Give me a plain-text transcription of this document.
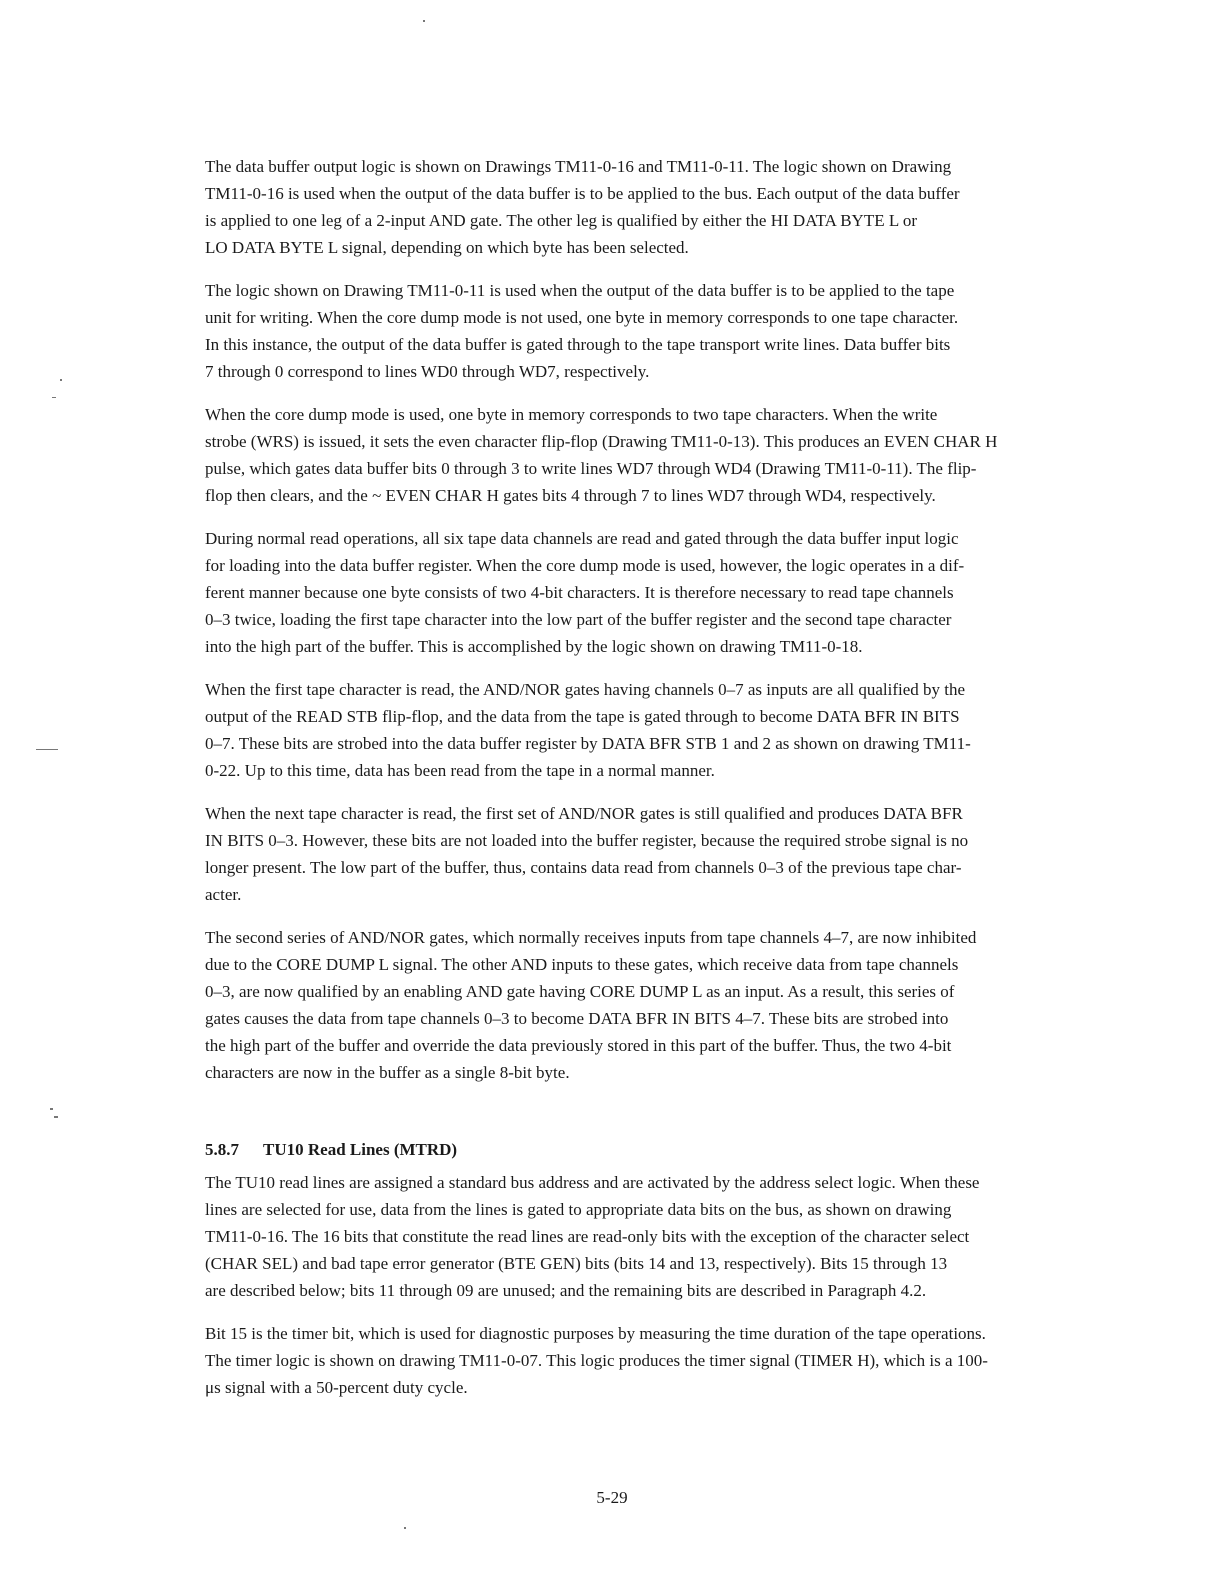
The data buffer output logic is shown on Drawings TM11-0-16 and TM11-0-11. The logic shown on Drawing
TM11-0-16 is used when the output of the data buffer is to be applied to the bus. Each output of the data buffer
is applied to one leg of a 2-input AND gate. The other leg is qualified by either the HI DATA BYTE L or
LO DATA BYTE L signal, depending on which byte has been selected.

The logic shown on Drawing TM11-0-11 is used when the output of the data buffer is to be applied to the tape
unit for writing. When the core dump mode is not used, one byte in memory corresponds to one tape character.
In this instance, the output of the data buffer is gated through to the tape transport write lines. Data buffer bits
7 through 0 correspond to lines WD0 through WD7, respectively.

When the core dump mode is used, one byte in memory corresponds to two tape characters. When the write
strobe (WRS) is issued, it sets the even character flip-flop (Drawing TM11-0-13). This produces an EVEN CHAR H
pulse, which gates data buffer bits 0 through 3 to write lines WD7 through WD4 (Drawing TM11-0-11). The flip-
flop then clears, and the ~ EVEN CHAR H gates bits 4 through 7 to lines WD7 through WD4, respectively.

During normal read operations, all six tape data channels are read and gated through the data buffer input logic
for loading into the data buffer register. When the core dump mode is used, however, the logic operates in a dif-
ferent manner because one byte consists of two 4-bit characters. It is therefore necessary to read tape channels
0–3 twice, loading the first tape character into the low part of the buffer register and the second tape character
into the high part of the buffer. This is accomplished by the logic shown on drawing TM11-0-18.

When the first tape character is read, the AND/NOR gates having channels 0–7 as inputs are all qualified by the
output of the READ STB flip-flop, and the data from the tape is gated through to become DATA BFR IN BITS
0–7. These bits are strobed into the data buffer register by DATA BFR STB 1 and 2 as shown on drawing TM11-
0-22. Up to this time, data has been read from the tape in a normal manner.

When the next tape character is read, the first set of AND/NOR gates is still qualified and produces DATA BFR
IN BITS 0–3. However, these bits are not loaded into the buffer register, because the required strobe signal is no
longer present. The low part of the buffer, thus, contains data read from channels 0–3 of the previous tape char-
acter.

The second series of AND/NOR gates, which normally receives inputs from tape channels 4–7, are now inhibited
due to the CORE DUMP L signal. The other AND inputs to these gates, which receive data from tape channels
0–3, are now qualified by an enabling AND gate having CORE DUMP L as an input. As a result, this series of
gates causes the data from tape channels 0–3 to become DATA BFR IN BITS 4–7. These bits are strobed into
the high part of the buffer and override the data previously stored in this part of the buffer. Thus, the two 4-bit
characters are now in the buffer as a single 8-bit byte.

5.8.7 TU10 Read Lines (MTRD)

The TU10 read lines are assigned a standard bus address and are activated by the address select logic. When these
lines are selected for use, data from the lines is gated to appropriate data bits on the bus, as shown on drawing
TM11-0-16. The 16 bits that constitute the read lines are read-only bits with the exception of the character select
(CHAR SEL) and bad tape error generator (BTE GEN) bits (bits 14 and 13, respectively). Bits 15 through 13
are described below; bits 11 through 09 are unused; and the remaining bits are described in Paragraph 4.2.

Bit 15 is the timer bit, which is used for diagnostic purposes by measuring the time duration of the tape operations.
The timer logic is shown on drawing TM11-0-07. This logic produces the timer signal (TIMER H), which is a 100-
μs signal with a 50-percent duty cycle.

5-29
